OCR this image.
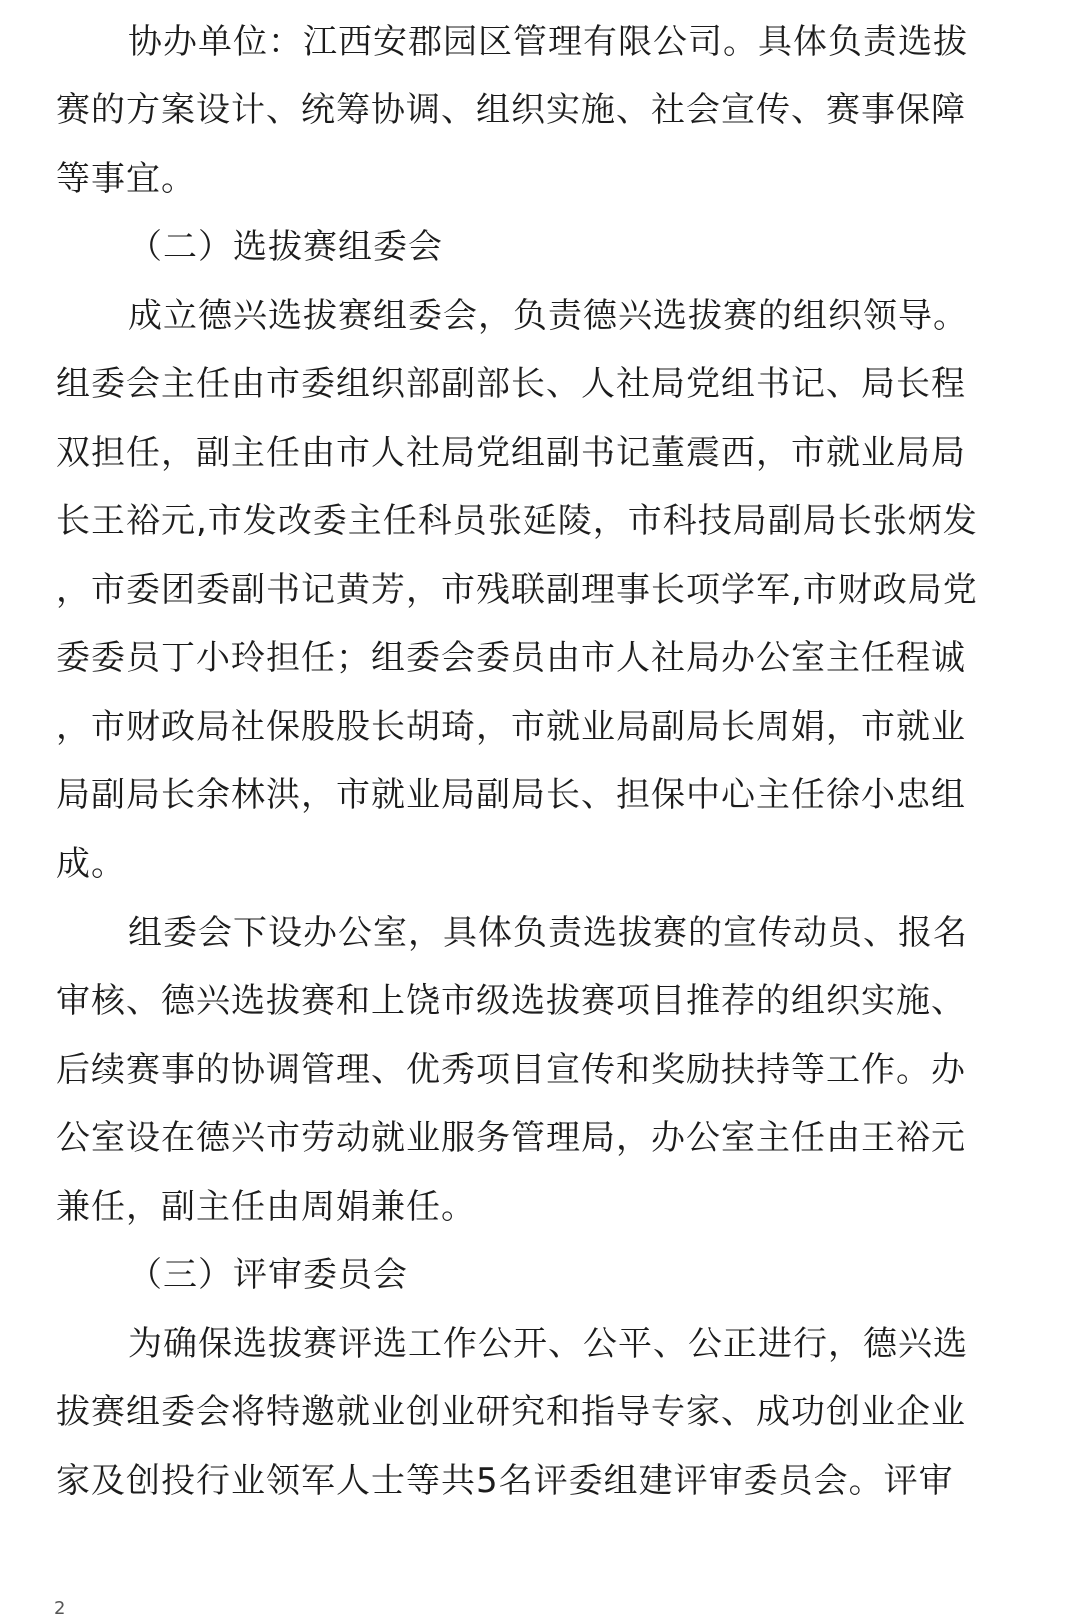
协办单位：江西安郡园区管理有限公司。具体负责选拔
赛的方案设计、统筹协调、组织实施、社会宣传、赛事保障
等事宜。
（二）选拔赛组委会
成立德兴选拔赛组委会，负责德兴选拔赛的组织领导。
组委会主任由市委组织部副部长、人社局党组书记、局长程
双担任，副主任由市人社局党组副书记董震西，市就业局局
长王裕元,市发改委主任科员张延陵，市科技局副局长张炳发
，市委团委副书记黄芳，市残联副理事长项学军,市财政局党
委委员丁小玲担任；组委会委员由市人社局办公室主任程诚
，市财政局社保股股长胡琦，市就业局副局长周娟，市就业
局副局长余林洪，市就业局副局长、担保中心主任徐小忠组
成。
组委会下设办公室，具体负责选拔赛的宣传动员、报名
审核、德兴选拔赛和上饶市级选拔赛项目推荐的组织实施、
后续赛事的协调管理、优秀项目宣传和奖励扶持等工作。办
公室设在德兴市劳动就业服务管理局，办公室主任由王裕元
兼任，副主任由周娟兼任。
（三）评审委员会
为确保选拔赛评选工作公开、公平、公正进行，德兴选
拔赛组委会将特邀就业创业研究和指导专家、成功创业企业
家及创投行业领军人士等共5名评委组建评审委员会。评审
2
